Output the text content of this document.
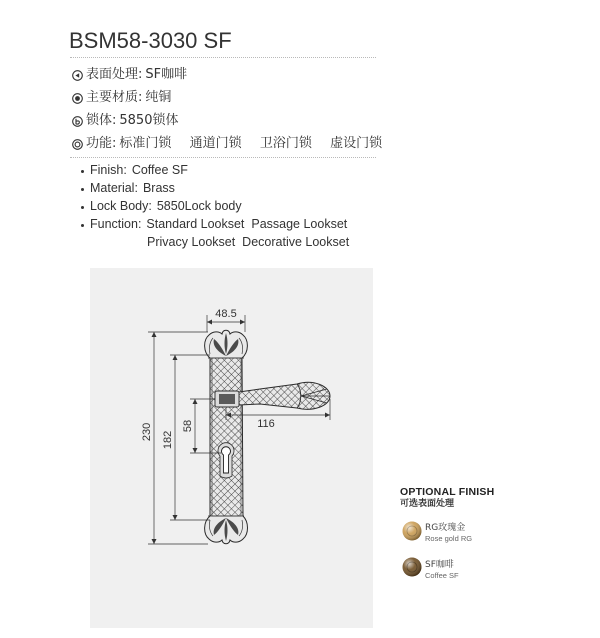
BSM58-3030 SF
表面处理: SF咖啡
主要材质: 纯铜
锁体: 5850锁体
功能: 标准门锁  通道门锁  卫浴门锁  虚设门锁
Finish: Coffee SF
Material: Brass
Lock Body: 5850Lock body
Function: Standard Lookset  Passage Lookset
Privacy Lookset  Decorative Lookset
48.5
230 182
58	116
OPTIONAL FINISH
可选表面处理
RG玫瑰金
Rose gold RG
SF咖啡
Coffee SF
